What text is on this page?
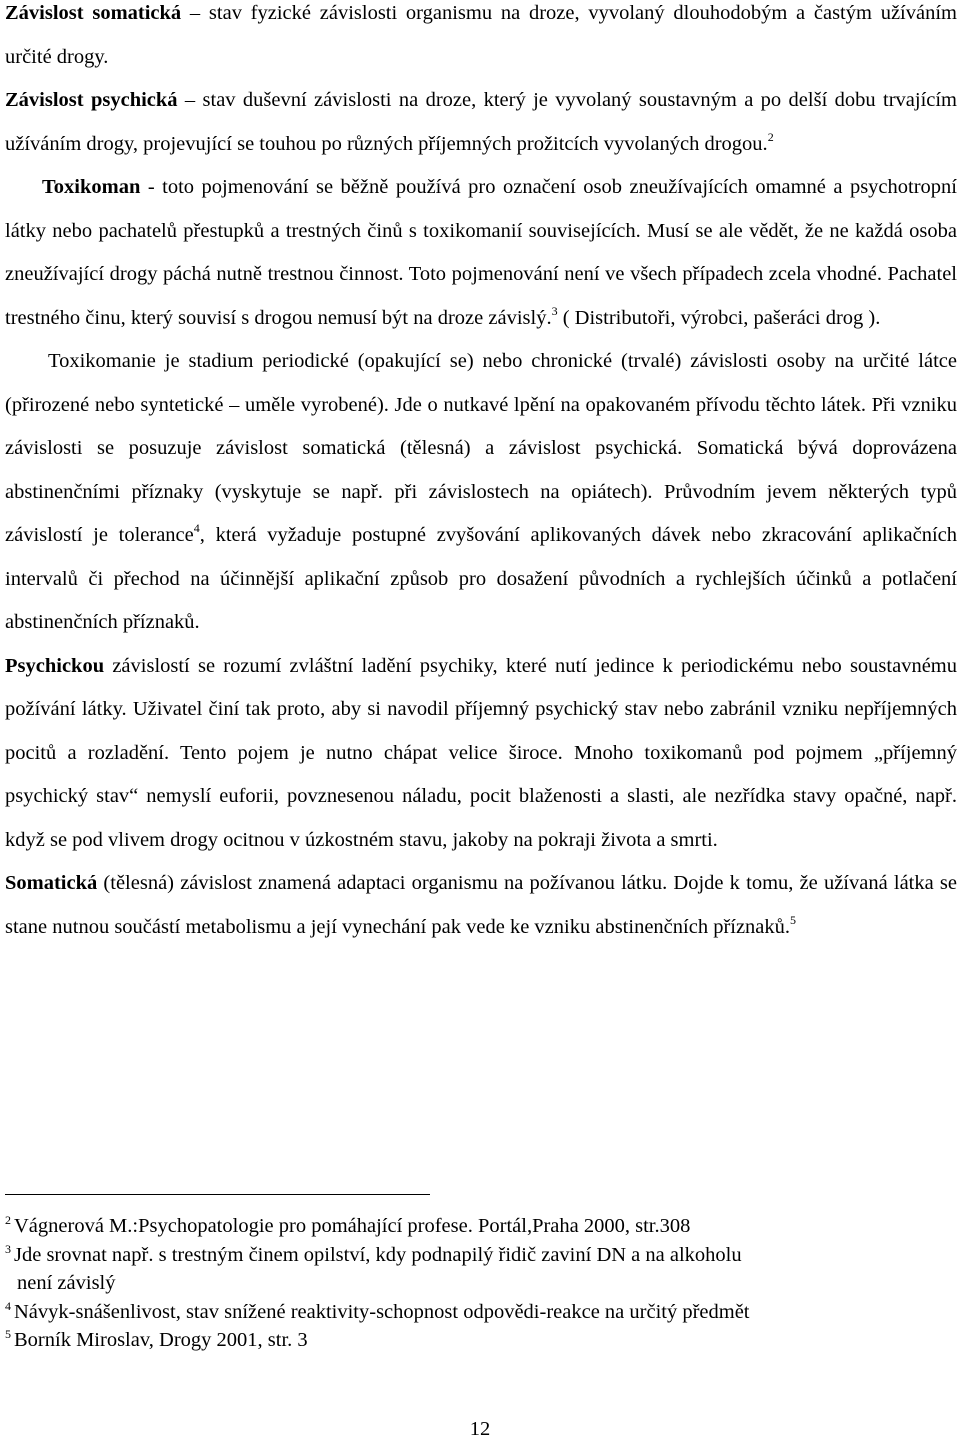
Závislost somatická – stav fyzické závislosti organismu na droze, vyvolaný dlouhodobým a častým užíváním určité drogy.
Závislost psychická – stav duševní závislosti na droze, který je vyvolaný soustavným a po delší dobu trvajícím užíváním drogy, projevující se touhou po různých příjemných prožitcích vyvolaných drogou.$^2$

Toxikoman - toto pojmenování se běžně používá pro označení osob zneužívajících omamné a psychotropní látky nebo pachatelů přestupků a trestných činů s toxikomanií souvisejících. Musí se ale vědět, že ne každá osoba zneužívající drogy páchá nutně trestnou činnost. Toto pojmenování není ve všech případech zcela vhodné. Pachatel trestného činu, který souvisí s drogou nemusí být na droze závislý.$^3$ ( Distributoři, výrobci, pašeráci drog ).

Toxikomanie je stadium periodické (opakující se) nebo chronické (trvalé) závislosti osoby na určité látce (přirozené nebo syntetické – uměle vyrobené). Jde o nutkavé lpění na opakovaném přívodu těchto látek. Při vzniku závislosti se posuzuje závislost somatická (tělesná) a závislost psychická. Somatická bývá doprovázena abstinenčními příznaky (vyskytuje se např. při závislostech na opiátech). Průvodním jevem některých typů závislostí je tolerance$^4$, která vyžaduje postupné zvyšování aplikovaných dávek nebo zkracování aplikačních intervalů či přechod na účinnější aplikační způsob pro dosažení původních a rychlejších účinků a potlačení abstinenčních příznaků.

Psychickou závislostí se rozumí zvláštní ladění psychiky, které nutí jedince k periodickému nebo soustavnému požívání látky. Uživatel činí tak proto, aby si navodil příjemný psychický stav nebo zabránil vzniku nepříjemných pocitů a rozladění. Tento pojem je nutno chápat velice široce. Mnoho toxikomanů pod pojmem „příjemný psychický stav“ nemyslí euforii, povznesenou náladu, pocit blaženosti a slasti, ale nezřídka stavy opačné, např. když se pod vlivem drogy ocitnou v úzkostném stavu, jakoby na pokraji života a smrti.

Somatická (tělesná) závislost znamená adaptaci organismu na požívanou látku. Dojde k tomu, že užívaná látka se stane nutnou součástí metabolismu a její vynechání pak vede ke vzniku abstinenčních příznaků.$^5$

$^2$ Vágnerová M.:Psychopatologie pro pomáhající profese. Portál,Praha 2000, str.308
$^3$ Jde srovnat např. s trestným činem opilství, kdy podnapilý řidič zaviní DN a na alkoholu
není závislý
$^4$ Návyk-snášenlivost, stav snížené reaktivity-schopnost odpovědi-reakce na určitý předmět
$^5$ Borník Miroslav, Drogy 2001, str. 3
12
